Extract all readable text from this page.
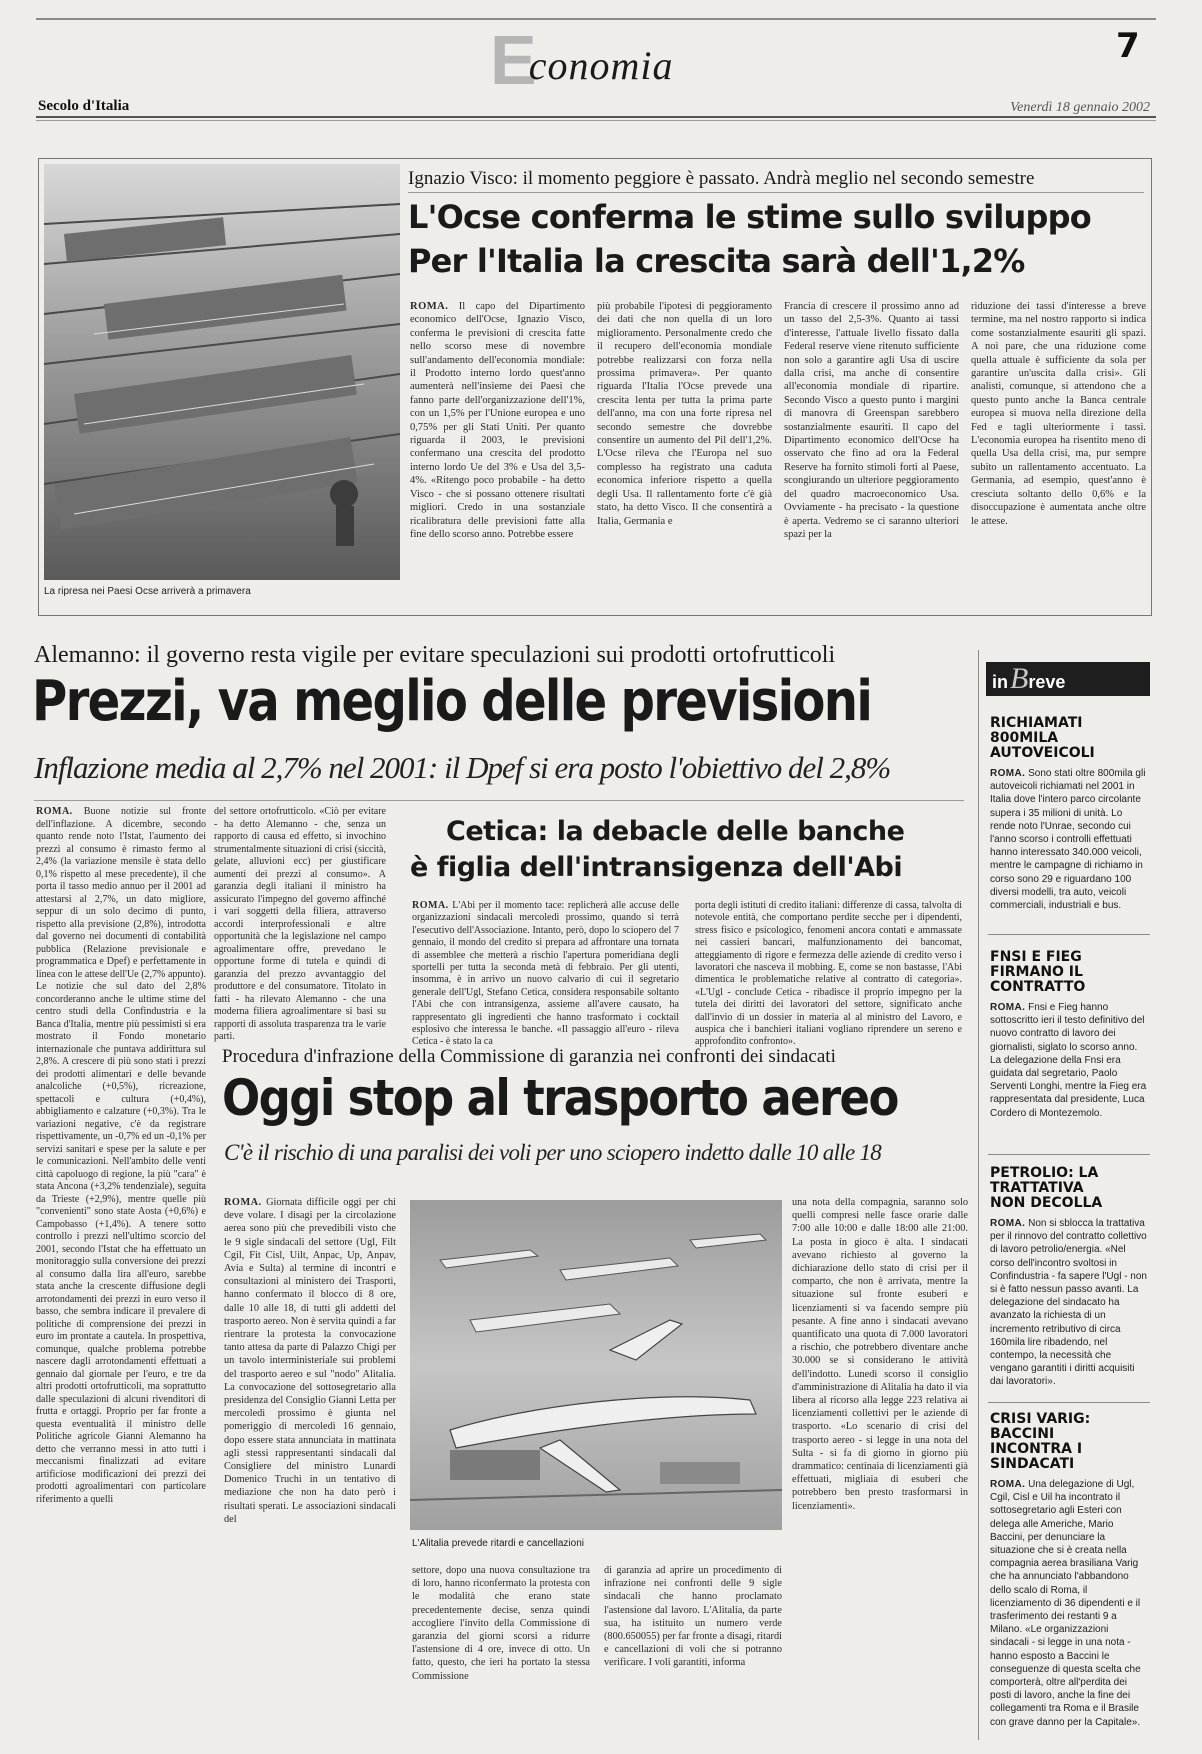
E
conomia	7
Secolo d'Italia	Venerdì 18 gennaio 2002
La ripresa nei Paesi Ocse arriverà a primavera
Ignazio Visco: il momento peggiore è passato. Andrà meglio nel secondo semestre
L'Ocse conferma le stime sullo sviluppo
Per l'Italia la crescita sarà dell'1,2%
ROMA. Il capo del Dipartimento economico dell'Ocse, Ignazio Visco, conferma le previsioni di crescita fatte nello scorso mese di novembre sull'andamento dell'economia mondiale: il Prodotto interno lordo quest'anno aumenterà nell'insieme dei Paesi che fanno parte dell'organizzazione dell'1%, con un 1,5% per l'Unione europea e uno 0,75% per gli Stati Uniti. Per quanto riguarda il 2003, le previsioni confermano una crescita del prodotto interno lordo Ue del 3% e Usa del 3,5-4%. «Ritengo poco probabile - ha detto Visco - che si possano ottenere risultati migliori. Credo in una sostanziale ricalibratura delle previsioni fatte alla fine dello scorso anno. Potrebbe essere
più probabile l'ipotesi di peggioramento dei dati che non quella di un loro miglioramento. Personalmente credo che il recupero dell'economia mondiale potrebbe realizzarsi con forza nella prossima primavera». Per quanto riguarda l'Italia l'Ocse prevede una crescita lenta per tutta la prima parte dell'anno, ma con una forte ripresa nel secondo semestre che dovrebbe consentire un aumento del Pil dell'1,2%. L'Ocse rileva che l'Europa nel suo complesso ha registrato una caduta economica inferiore rispetto a quella degli Usa. Il rallentamento forte c'è già stato, ha detto Visco. Il che consentirà a Italia, Germania e
Francia di crescere il prossimo anno ad un tasso del 2,5-3%. Quanto ai tassi d'interesse, l'attuale livello fissato dalla Federal reserve viene ritenuto sufficiente non solo a garantire agli Usa di uscire dalla crisi, ma anche di consentire all'economia mondiale di ripartire. Secondo Visco a questo punto i margini di manovra di Greenspan sarebbero sostanzialmente esauriti. Il capo del Dipartimento economico dell'Ocse ha osservato che fino ad ora la Federal Reserve ha fornito stimoli forti al Paese, scongiurando un ulteriore peggioramento del quadro macroeconomico Usa. Ovviamente - ha precisato - la questione è aperta. Vedremo se ci saranno ulteriori spazi per la
riduzione dei tassi d'interesse a breve termine, ma nel nostro rapporto si indica come sostanzialmente esauriti gli spazi. A noi pare, che una riduzione come quella attuale è sufficiente da sola per garantire un'uscita dalla crisi». Gli analisti, comunque, si attendono che a questo punto anche la Banca centrale europea si muova nella direzione della Fed e tagli ulteriormente i tassi. L'economia europea ha risentito meno di quella Usa della crisi, ma, pur sempre subito un rallentamento accentuato. La Germania, ad esempio, quest'anno è cresciuta soltanto dello 0,6% e la disoccupazione è aumentata anche oltre le attese.
Alemanno: il governo resta vigile per evitare speculazioni sui prodotti ortofrutticoli
Prezzi, va meglio delle previsioni
Inflazione media al 2,7% nel 2001: il Dpef si era posto l'obiettivo del 2,8%
ROMA. Buone notizie sul fronte dell'inflazione. A dicembre, secondo quanto rende noto l'Istat, l'aumento dei prezzi al consumo è rimasto fermo al 2,4% (la variazione mensile è stata dello 0,1% rispetto al mese precedente), il che porta il tasso medio annuo per il 2001 ad attestarsi al 2,7%, un dato migliore, seppur di un solo decimo di punto, rispetto alla previsione (2,8%), introdotta dal governo nei documenti di contabilità pubblica (Relazione previsionale e programmatica e Dpef) e perfettamente in linea con le attese dell'Ue (2,7% appunto). Le notizie che sul dato del 2,8% concorderanno anche le ultime stime del centro studi della Confindustria e la Banca d'Italia, mentre più pessimisti si era mostrato il Fondo monetario internazionale che puntava addirittura sul 2,8%. A crescere di più sono stati i prezzi dei prodotti alimentari e delle bevande analcoliche (+0,5%), ricreazione, spettacoli e cultura (+0,4%), abbigliamento e calzature (+0,3%). Tra le variazioni negative, c'è da registrare rispettivamente, un -0,7% ed un -0,1% per servizi sanitari e spese per la salute e per le comunicazioni. Nell'ambito delle venti città capoluogo di regione, la più "cara" è stata Ancona (+3,2% tendenziale), seguita da Trieste (+2,9%), mentre quelle più "convenienti" sono state Aosta (+0,6%) e Campobasso (+1,4%). A tenere sotto controllo i prezzi nell'ultimo scorcio del 2001, secondo l'Istat che ha effettuato un monitoraggio sulla conversione dei prezzi al consumo dalla lira all'euro, sarebbe stata anche la crescente diffusione degli arrotondamenti dei prezzi in euro verso il basso, che sembra indicare il prevalere di politiche di comprensione dei prezzi in euro im prontate a cautela. In prospettiva, comunque, qualche problema potrebbe nascere dagli arrotondamenti effettuati a gennaio dal giornale per l'euro, e tre da altri prodotti ortofrutticoli, ma soprattutto dalle speculazioni di alcuni rivenditori di frutta e ortaggi. Proprio per far fronte a questa eventualità il ministro delle Politiche agricole Gianni Alemanno ha detto che verranno messi in atto tutti i meccanismi finalizzati ad evitare artificiose modificazioni dei prezzi dei prodotti agroalimentari con particolare riferimento a quelli
del settore ortofrutticolo. «Ciò per evitare - ha detto Alemanno - che, senza un rapporto di causa ed effetto, si invochino strumentalmente situazioni di crisi (siccità, gelate, alluvioni ecc) per giustificare aumenti dei prezzi al consumo». A garanzia degli italiani il ministro ha assicurato l'impegno del governo affinché i vari soggetti della filiera, attraverso accordi interprofessionali e altre opportunità che la legislazione nel campo agroalimentare offre, prevedano le opportune forme di tutela e quindi di garanzia del prezzo avvantaggio del produttore e del consumatore. Titolato in fatti - ha rilevato Alemanno - che una moderna filiera agroalimentare si basi su rapporti di assoluta trasparenza tra le varie parti.
Cetica: la debacle delle banche
è figlia dell'intransigenza dell'Abi
ROMA. L'Abi per il momento tace: replicherà alle accuse delle organizzazioni sindacali mercoledì prossimo, quando si terrà l'esecutivo dell'Associazione. Intanto, però, dopo lo sciopero del 7 gennaio, il mondo del credito si prepara ad affrontare una tornata di assemblee che metterà a rischio l'apertura pomeridiana degli sportelli per tutta la seconda metà di febbraio. Per gli utenti, insomma, è in arrivo un nuovo calvario di cui il segretario generale dell'Ugl, Stefano Cetica, considera responsabile soltanto l'Abi che con intransigenza, assieme all'avere causato, ha rappresentato gli ingredienti che hanno trasformato i cocktail esplosivo che interessa le banche. «Il passaggio all'euro - rileva Cetica - è stato la ca
porta degli istituti di credito italiani: differenze di cassa, talvolta di notevole entità, che comportano perdite secche per i dipendenti, stress fisico e psicologico, fenomeni ancora contati e ammassate nei cassieri bancari, malfunzionamento dei bancomat, atteggiamento di rigore e fermezza delle aziende di credito verso i lavoratori che nasceva il mobbing. E, come se non bastasse, l'Abi dimentica le problematiche relative al contratto di categoria». «L'Ugl - conclude Cetica - ribadisce il proprio impegno per la tutela dei diritti dei lavoratori del settore, significato anche dall'invio di un dossier in materia al al ministro del Lavoro, e auspica che i banchieri italiani vogliano riprendere un sereno e approfondito confronto».
Procedura d'infrazione della Commissione di garanzia nei confronti dei sindacati
Oggi stop al trasporto aereo
C'è il rischio di una paralisi dei voli per uno sciopero indetto dalle 10 alle 18
ROMA. Giornata difficile oggi per chi deve volare. I disagi per la circolazione aerea sono più che prevedibili visto che le 9 sigle sindacali del settore (Ugl, Filt Cgil, Fit Cisl, Uilt, Anpac, Up, Anpav, Avia e Sulta) al termine di incontri e consultazioni al ministero dei Trasporti, hanno confermato il blocco di 8 ore, dalle 10 alle 18, di tutti gli addetti del trasporto aereo. Non è servita quindi a far rientrare la protesta la convocazione tanto attesa da parte di Palazzo Chigi per un tavolo interministeriale sui problemi del trasporto aereo e sul "nodo" Alitalia. La convocazione del sottosegretario alla presidenza del Consiglio Gianni Letta per mercoledì prossimo è giunta nel pomeriggio di mercoledì 16 gennaio, dopo essere stata annunciata in mattinata agli stessi rappresentanti sindacali dal Consigliere del ministro Lunardi Domenico Truchi in un tentativo di mediazione che non ha dato però i risultati sperati. Le associazioni sindacali del
L'Alitalia prevede ritardi e cancellazioni
settore, dopo una nuova consultazione tra di loro, hanno riconfermato la protesta con le modalità che erano state precedentemente decise, senza quindi accogliere l'invito della Commissione di garanzia del giorni scorsi a ridurre l'astensione di 4 ore, invece di otto. Un fatto, questo, che ieri ha portato la stessa Commissione
di garanzia ad aprire un procedimento di infrazione nei confronti delle 9 sigle sindacali che hanno proclamato l'astensione dal lavoro. L'Alitalia, da parte sua, ha istituito un numero verde (800.650055) per far fronte a disagi, ritardi e cancellazioni di voli che si potranno verificare. I voli garantiti, informa
una nota della compagnia, saranno solo quelli compresi nelle fasce orarie dalle 7:00 alle 10:00 e dalle 18:00 alle 21:00. La posta in gioco è alta. I sindacati avevano richiesto al governo la dichiarazione dello stato di crisi per il comparto, che non è arrivata, mentre la situazione sul fronte esuberi e licenziamenti si va facendo sempre più pesante. A fine anno i sindacati avevano quantificato una quota di 7.000 lavoratori a rischio, che potrebbero diventare anche 30.000 se si considerano le attività dell'indotto. Lunedì scorso il consiglio d'amministrazione di Alitalia ha dato il via libera al ricorso alla legge 223 relativa ai licenziamenti collettivi per le aziende di trasporto. «Lo scenario di crisi del trasporto aereo - si legge in una nota del Sulta - si fa di giorno in giorno più drammatico: centinaia di licenziamenti già effettuati, migliaia di esuberi che potrebbero ben presto trasformarsi in licenziamenti».
in B reve
RICHIAMATI 800MILA AUTOVEICOLI
ROMA. Sono stati oltre 800mila gli autoveicoli richiamati nel 2001 in Italia dove l'intero parco circolante supera i 35 milioni di unità. Lo rende noto l'Unrae, secondo cui l'anno scorso i controlli effettuati hanno interessato 340.000 veicoli, mentre le campagne di richiamo in corso sono 29 e riguardano 100 diversi modelli, tra auto, veicoli commerciali, industriali e bus.
FNSI E FIEG FIRMANO IL CONTRATTO
ROMA. Fnsi e Fieg hanno sottoscritto ieri il testo definitivo del nuovo contratto di lavoro dei giornalisti, siglato lo scorso anno. La delegazione della Fnsi era guidata dal segretario, Paolo Serventi Longhi, mentre la Fieg era rappresentata dal presidente, Luca Cordero di Montezemolo.
PETROLIO: LA TRATTATIVA NON DECOLLA
ROMA. Non si sblocca la trattativa per il rinnovo del contratto collettivo di lavoro petrolio/energia. «Nel corso dell'incontro svoltosi in Confindustria - fa sapere l'Ugl - non si è fatto nessun passo avanti. La delegazione del sindacato ha avanzato la richiesta di un incremento retributivo di circa 160mila lire ribadendo, nel contempo, la necessità che vengano garantiti i diritti acquisiti dai lavoratori».
CRISI VARIG: BACCINI INCONTRA I SINDACATI
ROMA. Una delegazione di Ugl, Cgil, Cisl e Uil ha incontrato il sottosegretario agli Esteri con delega alle Americhe, Mario Baccini, per denunciare la situazione che si è creata nella compagnia aerea brasiliana Varig che ha annunciato l'abbandono dello scalo di Roma, il licenziamento di 36 dipendenti e il trasferimento dei restanti 9 a Milano. «Le organizzazioni sindacali - si legge in una nota - hanno esposto a Baccini le conseguenze di questa scelta che comporterà, oltre all'perdita dei posti di lavoro, anche la fine dei collegamenti tra Roma e il Brasile con grave danno per la Capitale».
